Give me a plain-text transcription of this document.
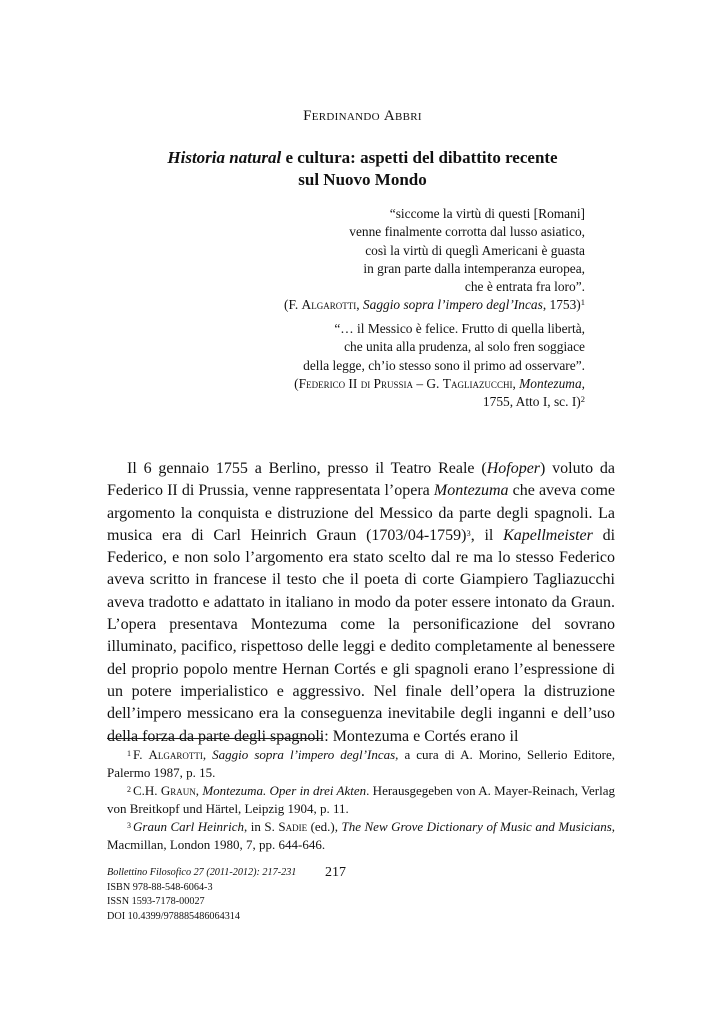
Ferdinando Abbri
Historia natural e cultura: aspetti del dibattito recente
sul Nuovo Mondo

“siccome la virtù di questi [Romani]

venne finalmente corrotta dal lusso asiatico,

così la virtù di queglì Americani è guasta

in gran parte dalla intemperanza europea,

che è entrata fra loro”.

(F. Algarotti, Saggio sopra l’impero degl’Incas, 1753)$^1$

“… il Messico è felice. Frutto di quella libertà,

che unita alla prudenza, al solo fren soggiace

della legge, ch’io stesso sono il primo ad osservare”.

(Federico II di Prussia – G. Tagliazucchi, Montezuma,

1755, Atto I, sc. I)$^2$

Il 6 gennaio 1755 a Berlino, presso il Teatro Reale (Hofoper) voluto da Federico II di Prussia, venne rappresentata l’opera Montezuma che aveva come argomento la conquista e distruzione del Messico da parte degli spagnoli. La musica era di Carl Heinrich Graun $(1703/04-1759)^3$, il Kapellmeister di Federico, e non solo l’argomento era stato scelto dal re ma lo stesso Federico aveva scritto in francese il testo che il poeta di corte Giampiero Tagliazucchi aveva tradotto e adattato in italiano in modo da poter essere intonato da Graun. L’opera presentava Montezuma come la personificazione del sovrano illuminato, pacifico, rispettoso delle leggi e dedito completamente al benessere del proprio popolo mentre Hernan Cortés e gli spagnoli erano l’espressione di un potere imperialistico e aggressivo. Nel finale dell’opera la distruzione dell’impero messicano era la conseguenza inevitabile degli inganni e dell’uso della forza da parte degli spagnoli: Montezuma e Cortés erano il

$^1$ F. Algarotti, Saggio sopra l’impero degl’Incas, a cura di A. Morino, Sellerio Editore, Palermo 1987, p. 15.

$^2$ C.H. Graun, Montezuma. Oper in drei Akten. Herausgegeben von A. Mayer-Reinach, Verlag von Breitkopf und Härtel, Leipzig 1904, p. 11.

$^3$ Graun Carl Heinrich, in S. Sadie (ed.), The New Grove Dictionary of Music and Musicians, Macmillan, London 1980, 7, pp. 644-646.

Bollettino Filosofico 27 (2011-2012): 217-231

ISBN 978-88-548-6064-3

ISSN 1593-7178-00027

DOI 10.4399/978885486064314

217
